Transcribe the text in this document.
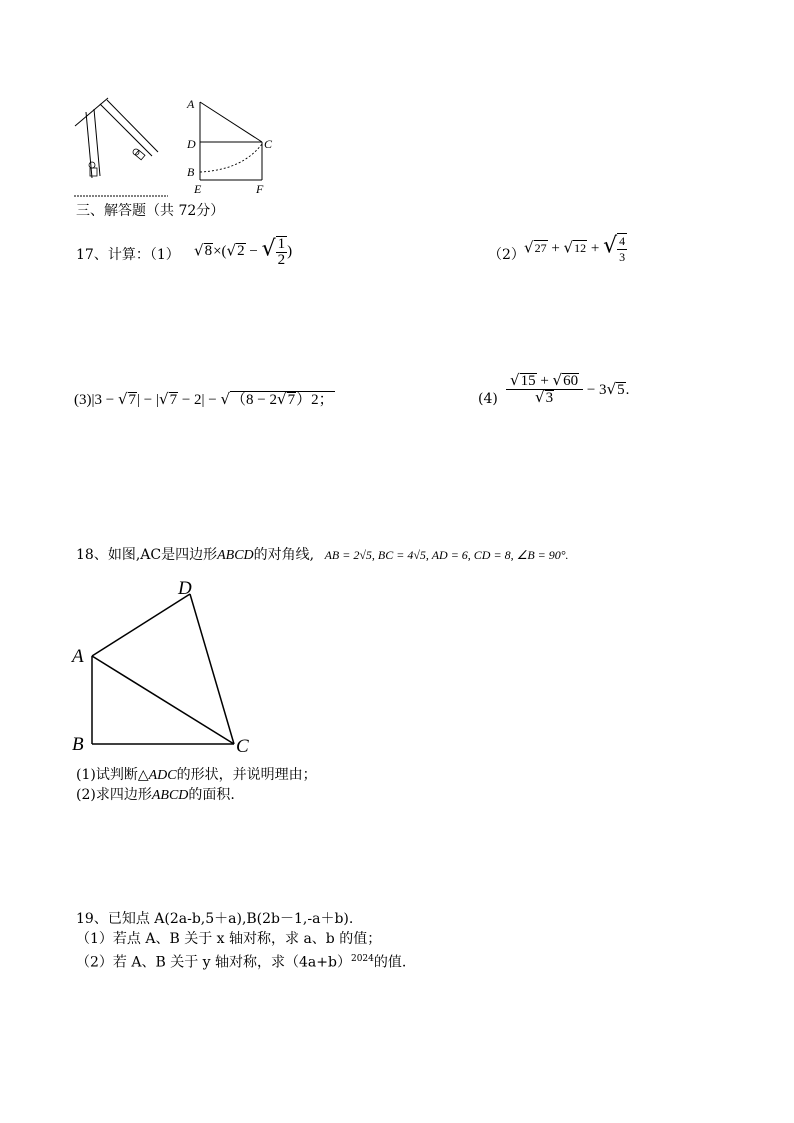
A
C
D
B
E	F
三、解答题（共 72分）
17、计算：（1） √8×(√2 − √ $\frac{1}{2}$ )	（2） √27 + √12 + √ $\frac{4}{3}$
(3)|3 − √7| − |√7 − 2| − √（8 − 2√7）2；	$(4) \frac{√15 + √60}{√3} - 3√5$.
18、如图,AC是四边形ABCD的对角线, AB = 2√5, BC = 4√5, AD = 6, CD = 8, ∠B = 90°.
D
A
B	C
(1)试判断△ADC的形状，并说明理由；
(2)求四边形ABCD的面积.
19、已知点 A(2a-b,5＋a),B(2b－1,-a＋b).
（1）若点 A、B 关于 x 轴对称，求 a、b 的值；
（2）若 A、B 关于 y 轴对称，求$(4a+b)^{2024}$的值.
